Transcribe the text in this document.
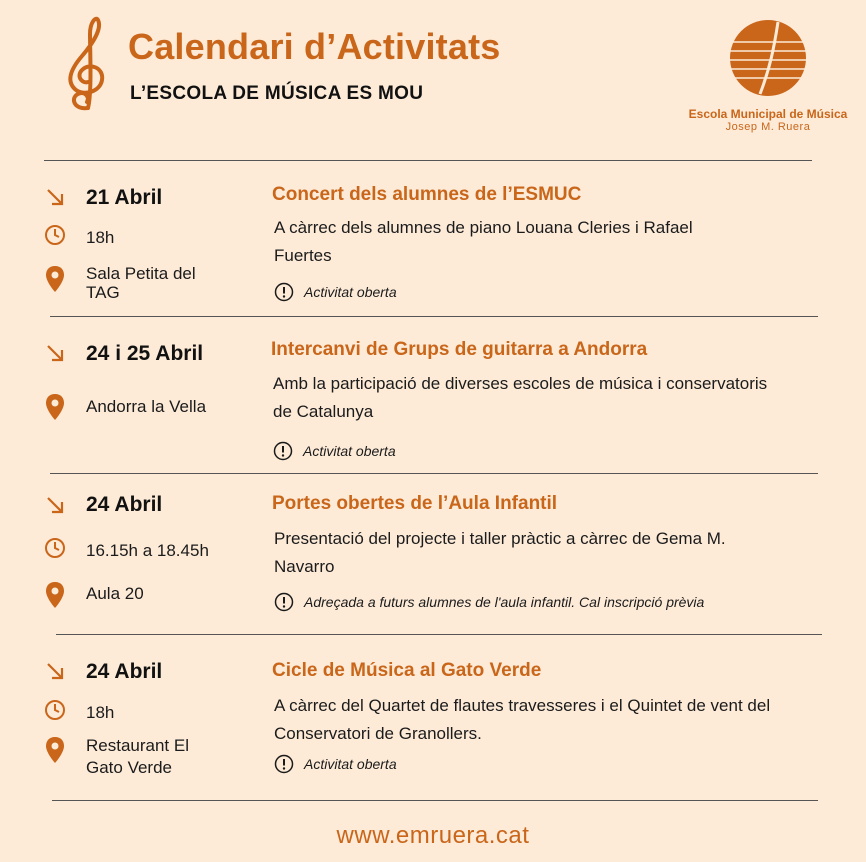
Calendari d’Activitats
L’ESCOLA DE MÚSICA ES MOU
Escola Municipal de Música
Josep M. Ruera
21 Abril
18h
Sala Petita del TAG
Concert dels alumnes de l’ESMUC
A càrrec dels alumnes de piano Louana Cleries i Rafael Fuertes
Activitat oberta
24 i 25 Abril
Andorra la Vella
Intercanvi de Grups de guitarra a Andorra
Amb la participació de diverses escoles de música i conservatoris de Catalunya
Activitat oberta
24 Abril
16.15h a 18.45h
Aula 20
Portes obertes de l’Aula Infantil
Presentació del projecte i taller pràctic a càrrec de Gema M. Navarro
Adreçada a futurs alumnes de l'aula infantil. Cal inscripció prèvia
24 Abril
18h
Restaurant El Gato Verde
Cicle de Música al Gato Verde
A càrrec del Quartet de flautes travesseres i el Quintet de vent del Conservatori de Granollers.
Activitat oberta
www.emruera.cat
